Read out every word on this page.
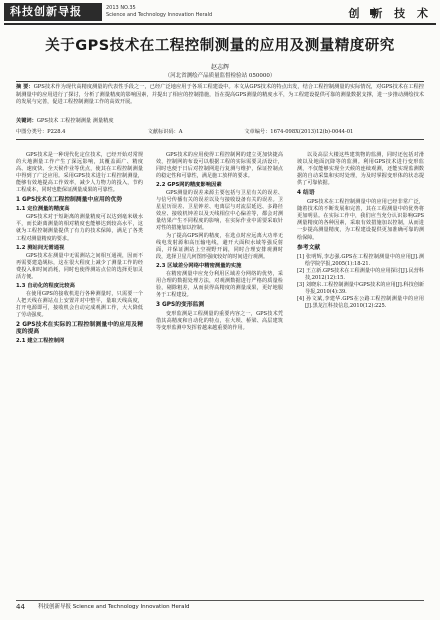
科技创新导报	2013 NO.35
Science and Technology Innovation Herald	创 新 技 术
关于GPS技术在工程控制测量的应用及测量精度研究
赵志辉
（河北省测绘产品质量监督检验站 050000）
摘 要：GPS技术作为现代高精度测量的代表性手段之一，已经广泛地应用于各项工程建设中。本文从GPS技术的特点出发，结合工程控制测量的实际情况，对GPS技术在工程控制测量中的应用进行了探讨，分析了测量精度的影响因素，并提出了相应的控制措施，旨在提高GPS测量的精度水平，为工程建设提供可靠的测量数据支撑，进一步推动测绘技术的发展与完善，促进工程控制测量工作的高效开展。
关键词：GPS技术 工程控制测量 测量精度
中图分类号：P228.4	文献标识码：A	文章编号：1674-098X(2013)12(b)-0044-01

GPS技术是一种现代化定位技术，已经开始对常规的大地测量工作产生了深远影响，其覆盖面广、精度高、速度快、全天候作业等优点，使其在工程控制测量中得到了广泛应用。采用GPS技术进行工程控制测量，能够有效地提高工作效率，减少人力物力的投入，节约工程成本，同时也能保证测量成果的可靠性。

1 GPS技术在工程控制测量中应用的优势
1.1 定位测量的精度高

GPS技术对于短距离的测量精度可以达到毫米级水平，而长距离测量的相对精度也能够达到较高水平，这就为工程控制测量提供了有力的技术保障，满足了各类工程对测量精度的要求。

1.2 测站间无需通视

GPS技术在测量中无需测站之间相互通视，因而不再需要建造觇标，这在很大程度上减少了测量工作的经费投入和时间消耗，同时也使得测站点位的选择更加灵活方便。

1.3 自动化的程度比较高

在使用GPS的接收机进行各种测量时，只需要一个人把天线在测站点上安置并对中整平，量取天线高度，打开电源即可，接收机会自动完成观测工作，大大降低了劳动强度。

2 GPS技术在实际的工程控制测量中的应用及精度的提高
2.1 建立工程控制网

GPS技术的应用使得工程控制网的建立更加快捷高效，控制网的布设可以根据工程的实际需要灵活设计，同时也便于日后对控制网进行复测与维护，保证控制点的稳定性和可靠性，满足施工放样的要求。

2.2 GPS网的精度影响因素

GPS测量的误差来源主要包括与卫星有关的误差、与信号传播有关的误差以及与接收设备有关的误差。卫星星历误差、卫星钟差、电离层与对流层延迟、多路径效应、接收机钟差以及天线相位中心偏差等，都会对测量结果产生不同程度的影响，在实际作业中需要采取针对性的措施加以控制。

为了提高GPS网的精度，在选点时应远离大功率无线电发射源和高压输电线，避开大面积水域等强反射面，并保证测站上空视野开阔，同时合理安排观测时段，选择卫星几何图形强度较好的时间进行观测。

2.3 区域差分网络中精密测量的实施

在精密测量中应充分利用区域差分网络的优势，采用合理的数据处理方法，对观测数据进行严格的质量检验，剔除粗差，从而获得高精度的测量成果，更好地服务于工程建设。

3 GPS的变形监测

变形监测是工程测量的重要内容之一，GPS技术凭借其高精度和自动化的特点，在大坝、桥梁、高层建筑等变形监测中发挥着越来越重要的作用。

以及高层大楼这些建筑物的监测，同时还包括对滑坡以及地面沉降等的监测。利用GPS技术进行变形监测，不仅能够实现全天候的连续观测，还能实现监测数据的自动采集和实时处理，为及时掌握变形体的状态提供了可靠依据。

4 结语

GPS技术在工程控制测量中的应用已经非常广泛，随着技术的不断发展和完善，其在工程测量中的优势将更加明显。在实际工作中，我们应当充分认识影响GPS测量精度的各种因素，采取有效措施加以控制，从而进一步提高测量精度，为工程建设提供更加准确可靠的测绘保障。

参考文献

[1] 张明辉,李志强.GPS在工程控制测量中的应用[J].测绘学院学报,2005(1):18-21.

[2] 王立新.GPS技术在工程测量中的应用探讨[J].民营科技,2012(12):15.

[3] 刘晓东.工程控制测量中GPS技术的应用[J].科技创新导报,2010(4):39.

[4] 孙文斌,李建华.GPS在公路工程控制测量中的应用[J].黑龙江科技信息,2010(12):225.

44 科技创新导报 Science and Technology Innovation Herald
